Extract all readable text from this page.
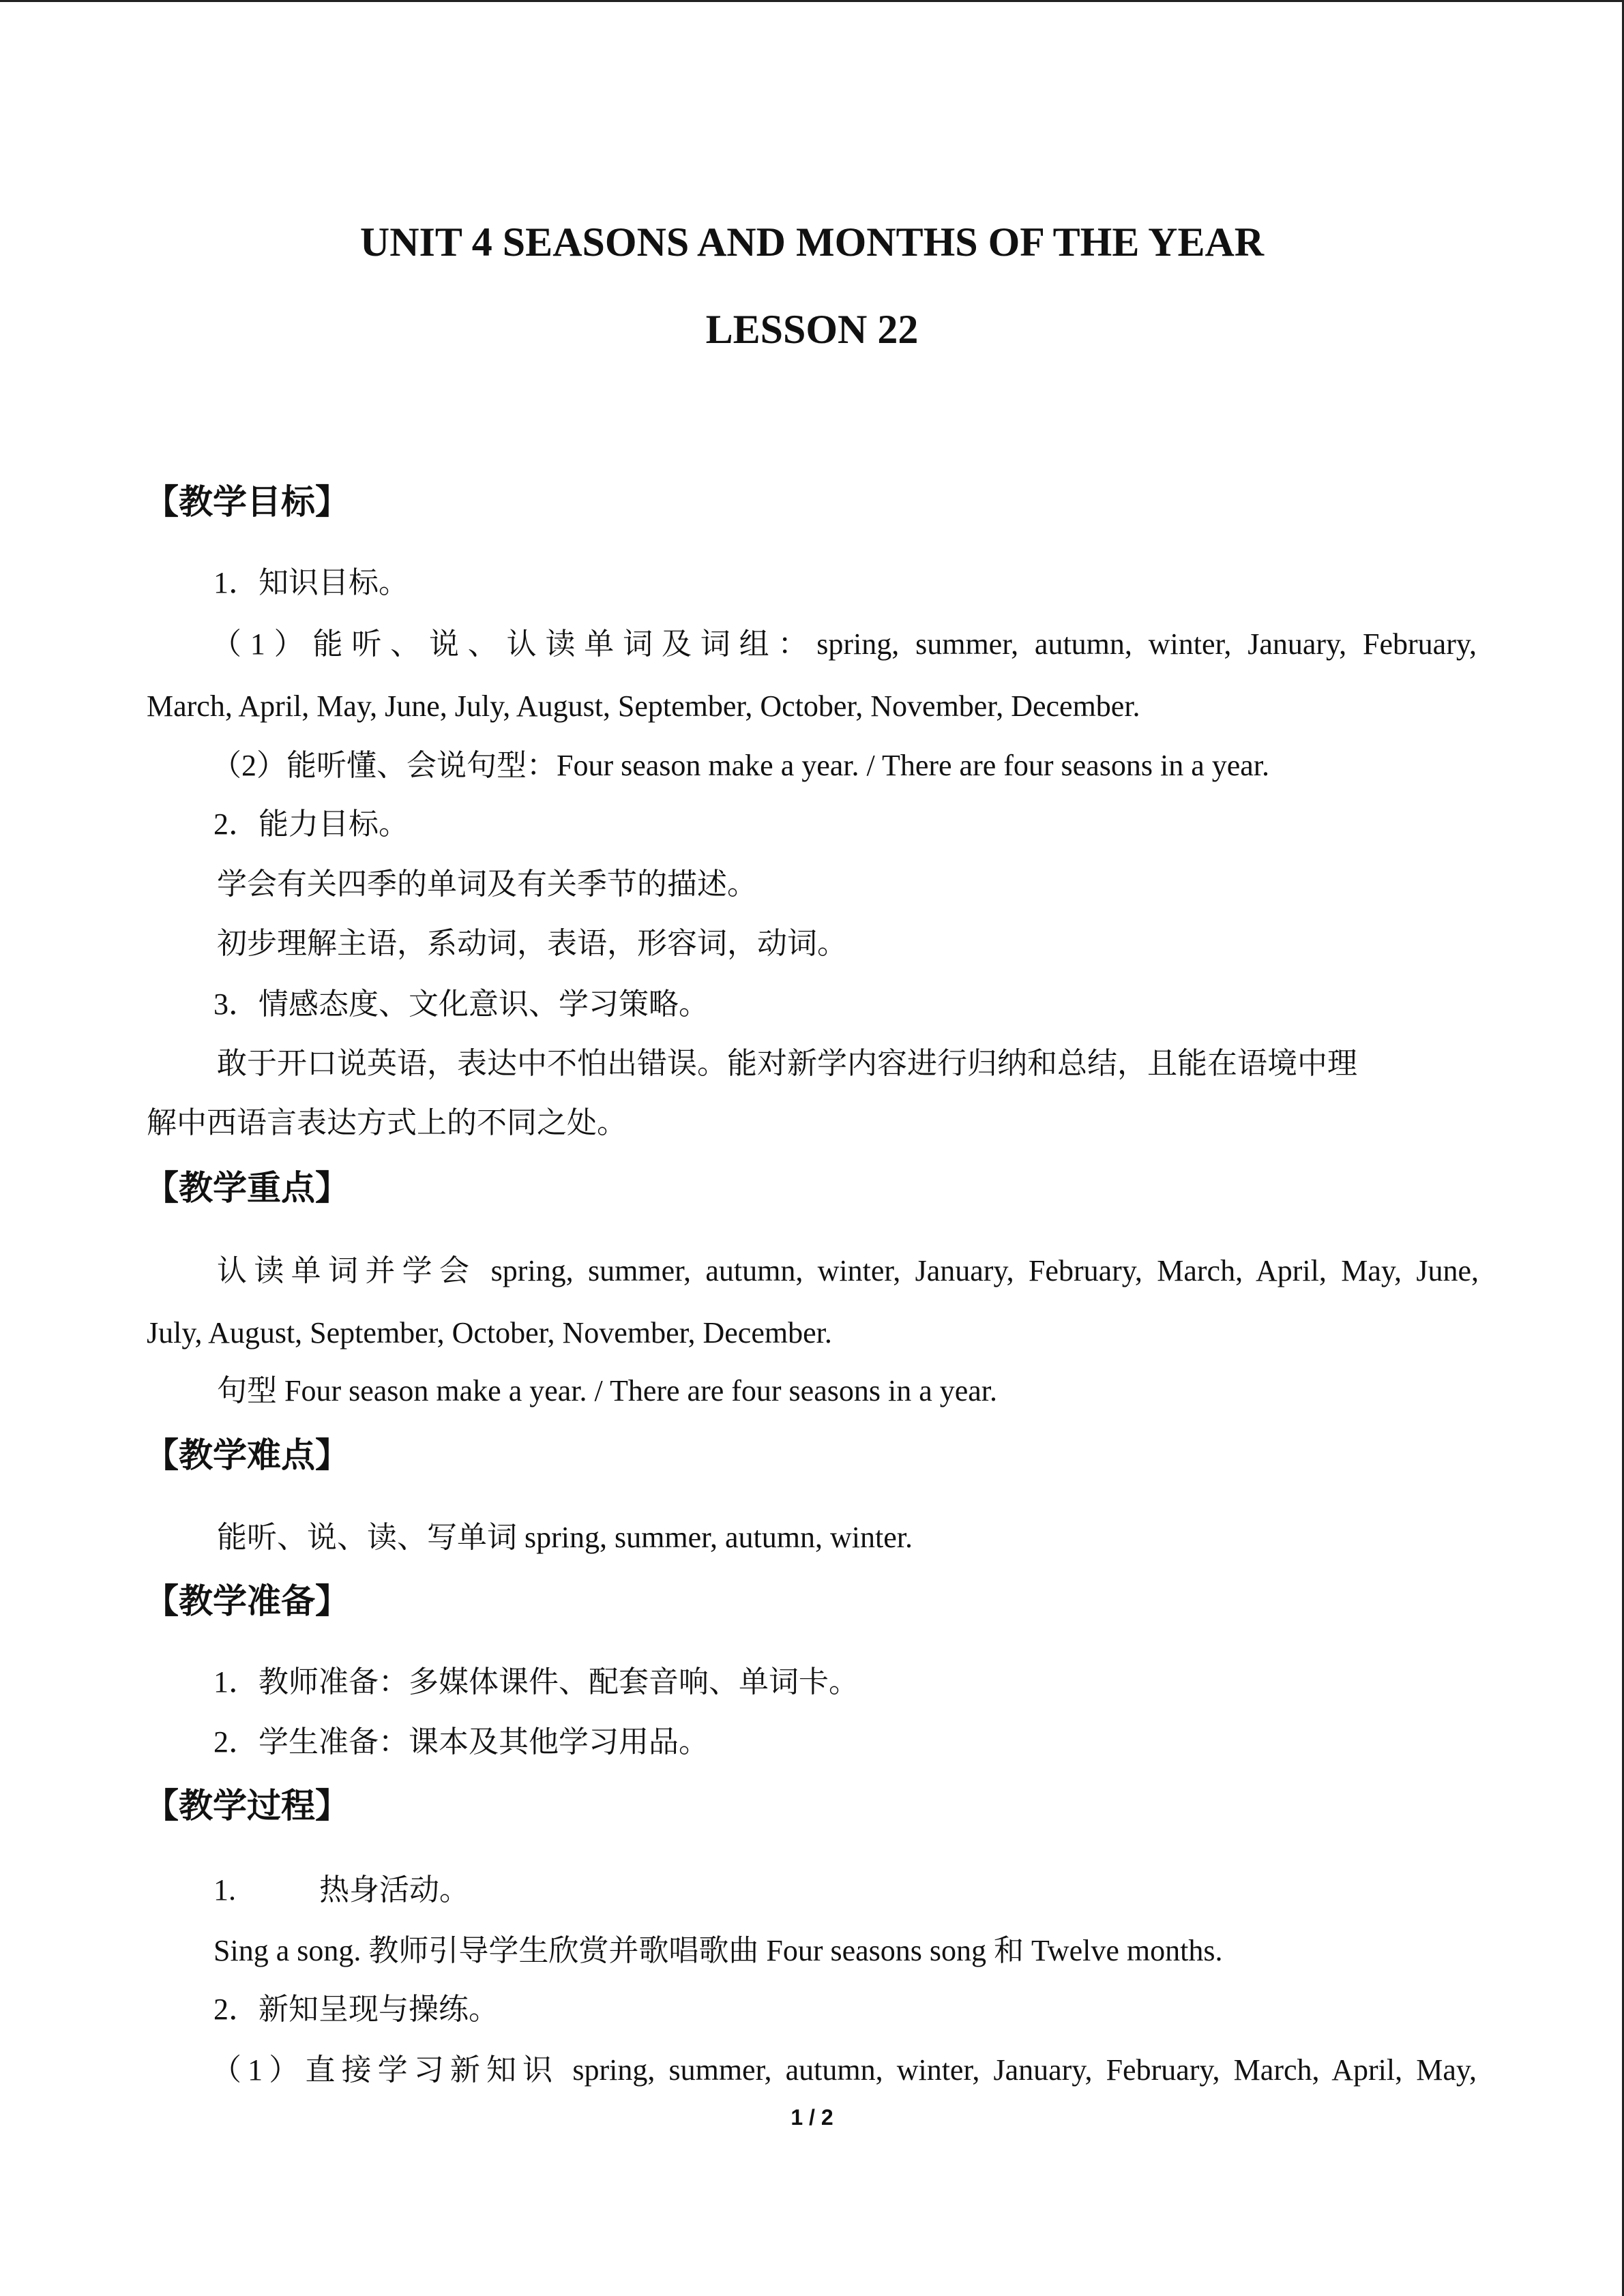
UNIT 4 SEASONS AND MONTHS OF THE YEAR
LESSON 22
【教学目标】
1．知识目标。
（1）能听、说、认读单词及词组：spring, summer, autumn, winter, January, February,
March, April, May, June, July, August, September, October, November, December.
（2）能听懂、会说句型：Four season make a year. / There are four seasons in a year.
2．能力目标。
学会有关四季的单词及有关季节的描述。
初步理解主语，系动词，表语，形容词，动词。
3．情感态度、文化意识、学习策略。
敢于开口说英语，表达中不怕出错误。能对新学内容进行归纳和总结，且能在语境中理
解中西语言表达方式上的不同之处。
【教学重点】
认读单词并学会 spring, summer, autumn, winter, January, February, March, April, May, June,
July, August, September, October, November, December.
句型 Four season make a year. / There are four seasons in a year.
【教学难点】
能听、说、读、写单词 spring, summer, autumn, winter.
【教学准备】
1．教师准备：多媒体课件、配套音响、单词卡。
2．学生准备：课本及其他学习用品。
【教学过程】
1.	热身活动。
Sing a song. 教师引导学生欣赏并歌唱歌曲 Four seasons song 和 Twelve months.
2．新知呈现与操练。
（1）直接学习新知识 spring, summer, autumn, winter, January, February, March, April, May,
1 / 2
